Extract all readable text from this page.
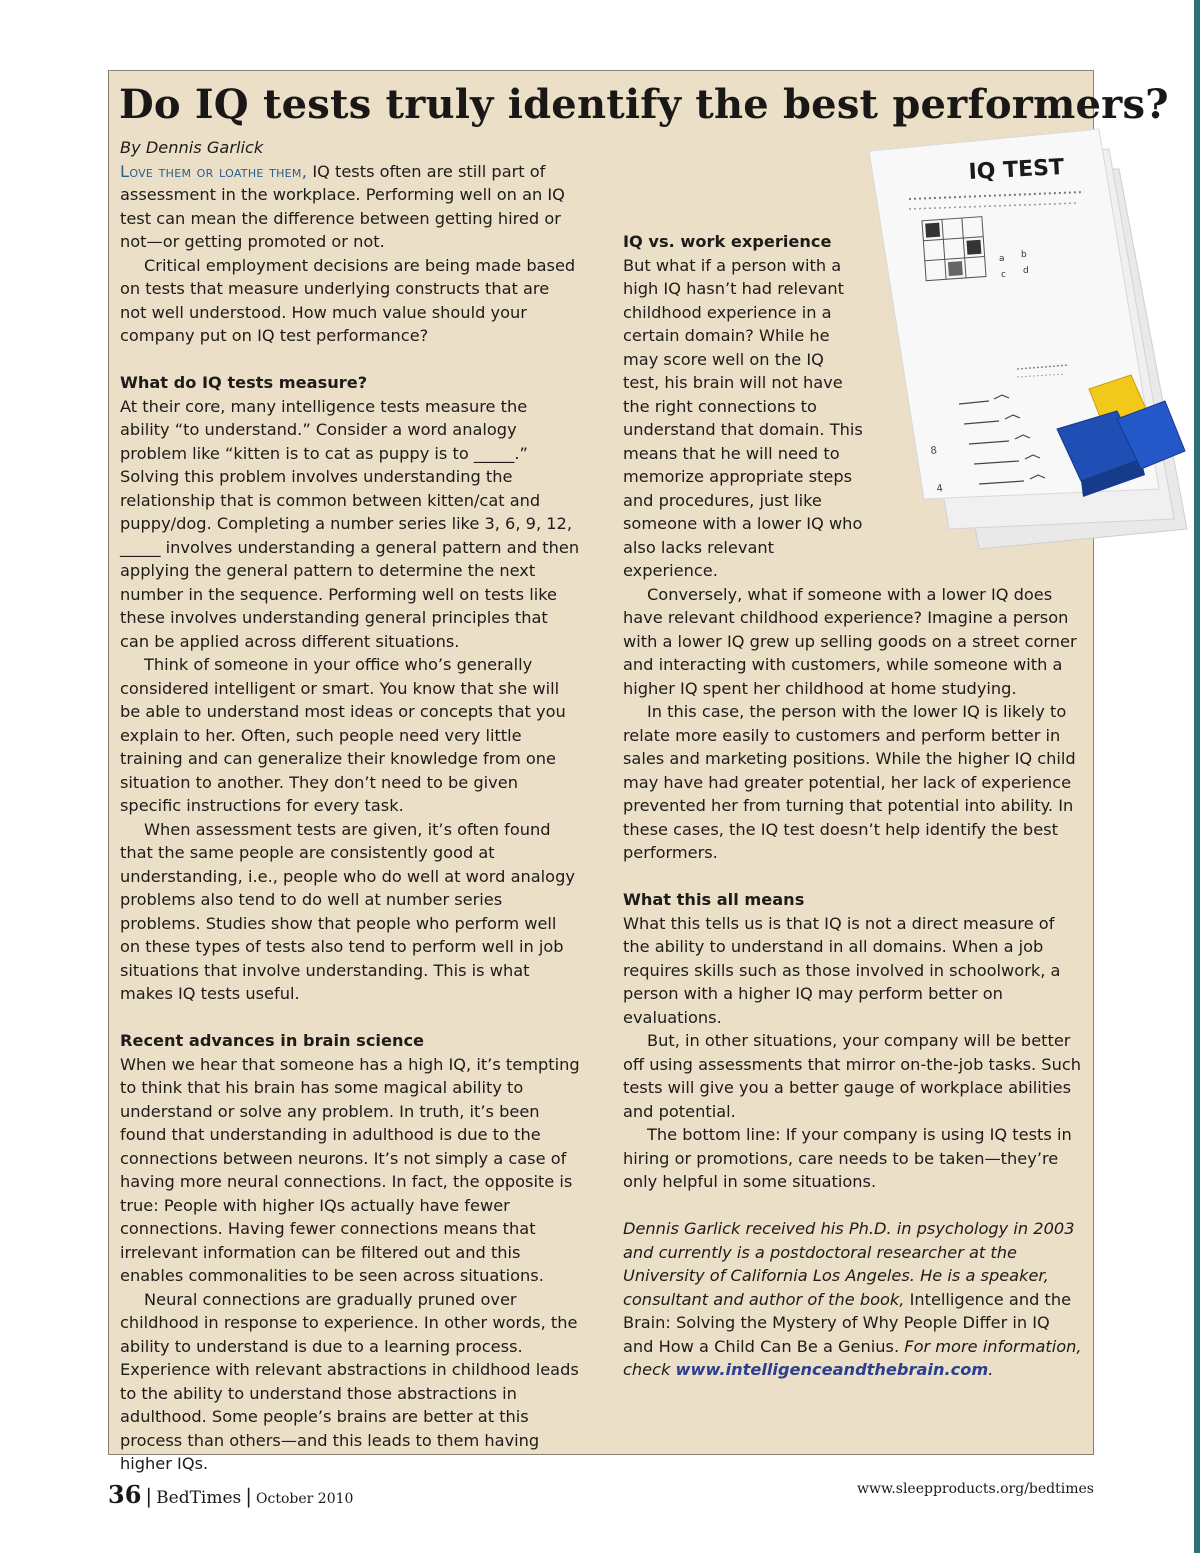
Do IQ tests truly identify the best performers?

By Dennis Garlick

Love them or loathe them, IQ tests often are still part of assessment in the workplace. Performing well on an IQ test can mean the difference between getting hired or not—or getting promoted or not.

Critical employment decisions are being made based on tests that measure underlying constructs that are not well understood. How much value should your company put on IQ test performance?

What do IQ tests measure?

At their core, many intelligence tests measure the ability “to understand.” Consider a word analogy problem like “kitten is to cat as puppy is to _____.” Solving this problem involves understanding the relationship that is common between kitten/cat and puppy/dog. Completing a number series like 3, 6, 9, 12, _____ involves understanding a general pattern and then applying the general pattern to determine the next number in the sequence. Performing well on tests like these involves understanding general principles that can be applied across different situations.

Think of someone in your office who’s generally considered intelligent or smart. You know that she will be able to understand most ideas or concepts that you explain to her. Often, such people need very little training and can generalize their knowledge from one situation to another. They don’t need to be given specific instructions for every task.

When assessment tests are given, it’s often found that the same people are consistently good at understanding, i.e., people who do well at word analogy problems also tend to do well at number series problems. Studies show that people who perform well on these types of tests also tend to perform well in job situations that involve understanding. This is what makes IQ tests useful.

Recent advances in brain science

When we hear that someone has a high IQ, it’s tempting to think that his brain has some magical ability to understand or solve any problem. In truth, it’s been found that understanding in adulthood is due to the connections between neurons. It’s not simply a case of having more neural connections. In fact, the opposite is true: People with higher IQs actually have fewer connections. Having fewer connections means that irrelevant information can be filtered out and this enables commonalities to be seen across situations.

Neural connections are gradually pruned over childhood in response to experience. In other words, the ability to understand is due to a learning process. Experience with relevant abstractions in childhood leads to the ability to understand those abstractions in adulthood. Some people’s brains are better at this process than others—and this leads to them having higher IQs.

IQ vs. work experience

But what if a person with a high IQ hasn’t had relevant childhood experience in a certain domain? While he may score well on the IQ test, his brain will not have the right connections to understand that domain. This means that he will need to memorize appropriate steps and procedures, just like someone with a lower IQ who also lacks relevant experience.

Conversely, what if someone with a lower IQ does have relevant childhood experience? Imagine a person with a lower IQ grew up selling goods on a street corner and interacting with customers, while someone with a higher IQ spent her childhood at home studying.

In this case, the person with the lower IQ is likely to relate more easily to customers and perform better in sales and marketing positions. While the higher IQ child may have had greater potential, her lack of experience prevented her from turning that potential into ability. In these cases, the IQ test doesn’t help identify the best performers.

What this all means

What this tells us is that IQ is not a direct measure of the ability to understand in all domains. When a job requires skills such as those involved in schoolwork, a person with a higher IQ may perform better on evaluations.

But, in other situations, your company will be better off using assessments that mirror on-the-job tasks. Such tests will give you a better gauge of workplace abilities and potential.

The bottom line: If your company is using IQ tests in hiring or promotions, care needs to be taken—they’re only helpful in some situations.

Dennis Garlick received his Ph.D. in psychology in 2003 and currently is a postdoctoral researcher at the University of California Los Angeles. He is a speaker, consultant and author of the book, Intelligence and the Brain: Solving the Mystery of Why People Differ in IQ and How a Child Can Be a Genius. For more information, check www.intelligenceandthebrain.com.

IQ TEST
a b
c d
8
4
36 | BedTimes | October 2010
www.sleepproducts.org/bedtimes
